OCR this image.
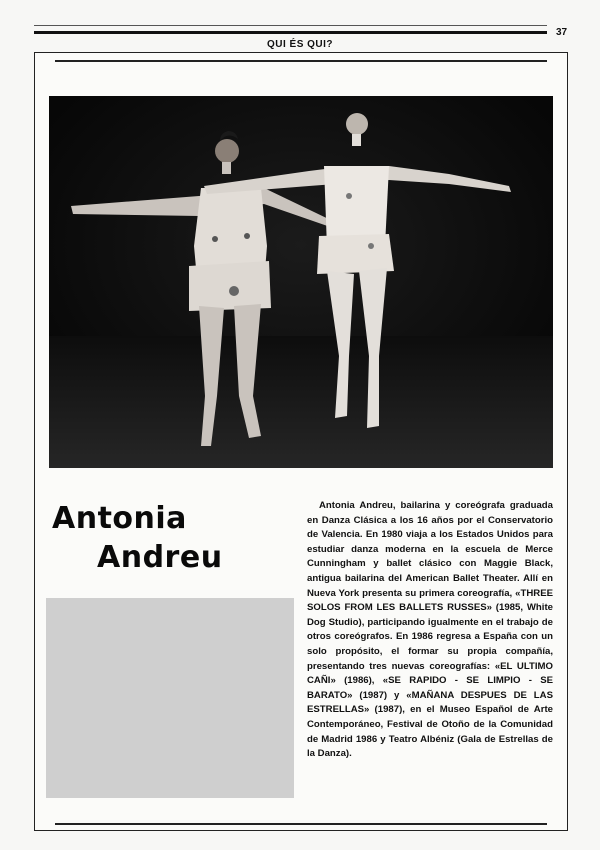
37
QUI ÉS QUI?
Antonia
Andreu
Antonia Andreu, bailarina y coreógrafa graduada en Danza Clásica a los 16 años por el Conservatorio de Valencia. En 1980 viaja a los Estados Unidos para estudiar danza moderna en la escuela de Merce Cunningham y ballet clásico con Maggie Black, antigua bailarina del American Ballet Theater. Allí en Nueva York presenta su primera coreografía, «THREE SOLOS FROM LES BALLETS RUSSES» (1985, White Dog Studio), participando igualmente en el trabajo de otros coreógrafos. En 1986 regresa a España con un solo propósito, el formar su propia compañía, presentando tres nuevas coreografías: «EL ULTIMO CAÑI» (1986), «SE RAPIDO - SE LIMPIO - SE BARATO» (1987) y «MAÑANA DESPUES DE LAS ESTRELLAS» (1987), en el Museo Español de Arte Contemporáneo, Festival de Otoño de la Comunidad de Madrid 1986 y Teatro Albéniz (Gala de Estrellas de la Danza).
